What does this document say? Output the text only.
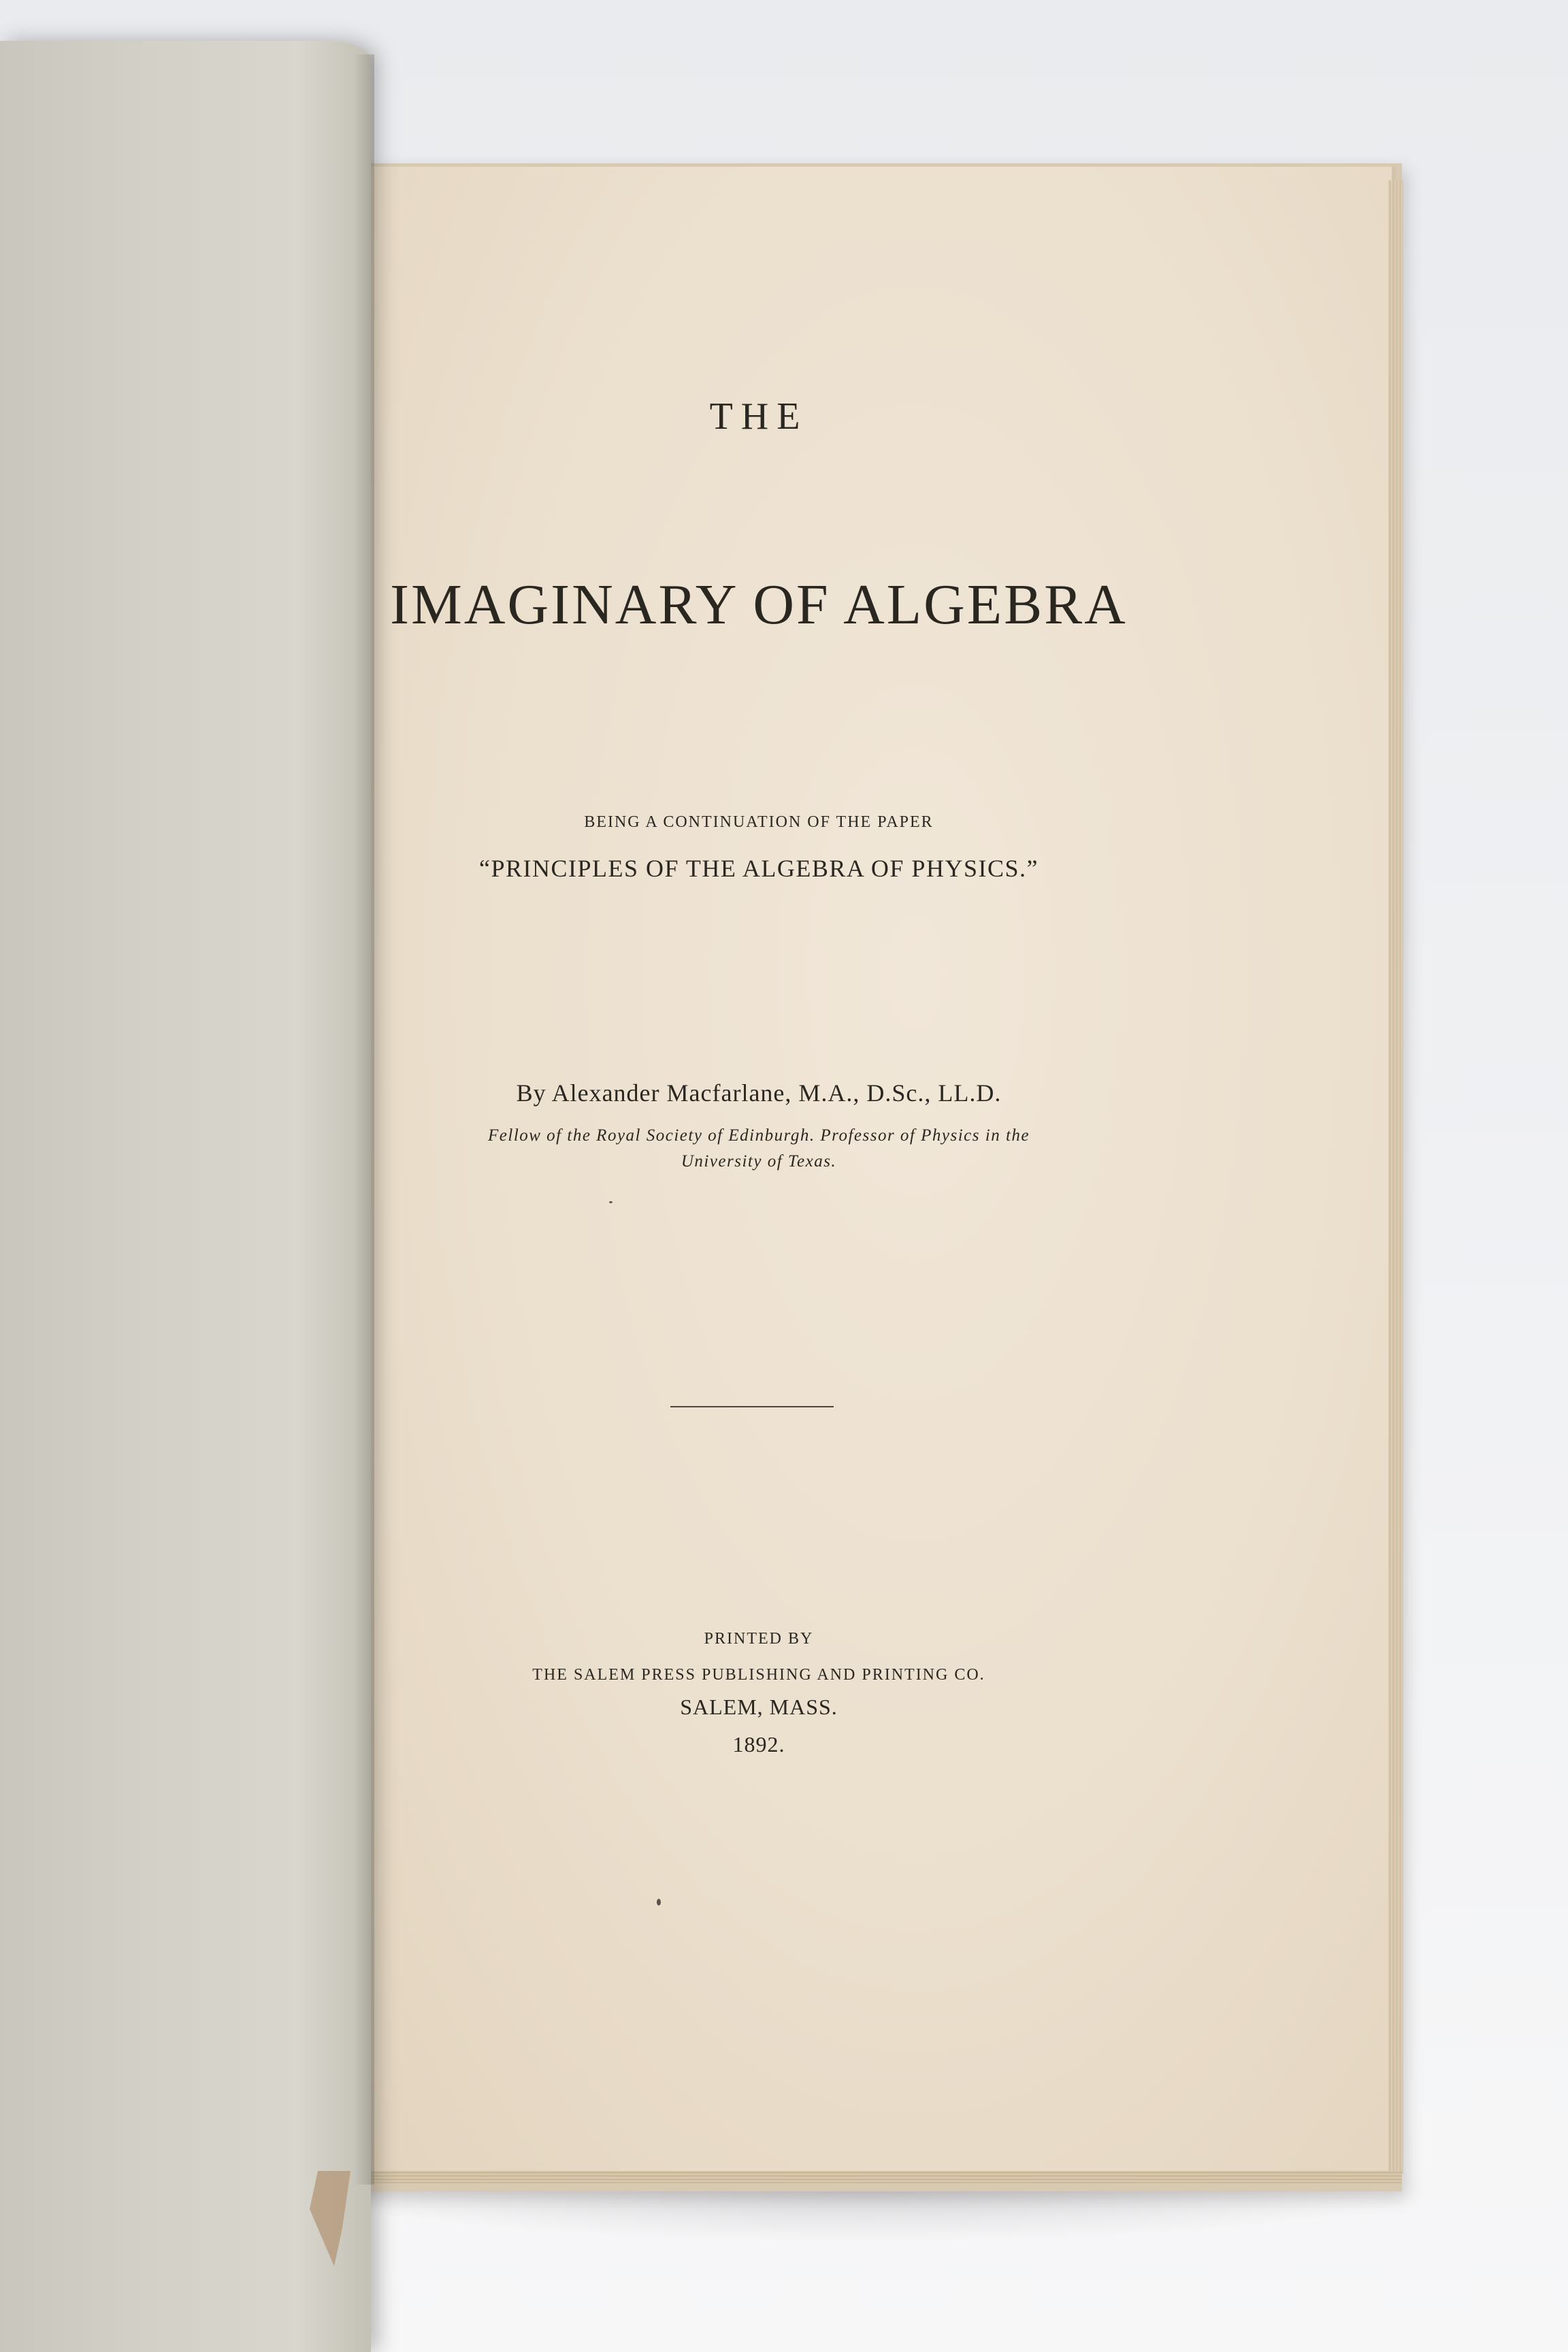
THE

IMAGINARY OF ALGEBRA

BEING A CONTINUATION OF THE PAPER

“PRINCIPLES OF THE ALGEBRA OF PHYSICS.”

By Alexander Macfarlane, M.A., D.Sc., LL.D.

Fellow of the Royal Society of Edinburgh. Professor of Physics in the

University of Texas.

PRINTED BY

THE SALEM PRESS PUBLISHING AND PRINTING CO.

SALEM, MASS.

1892.
